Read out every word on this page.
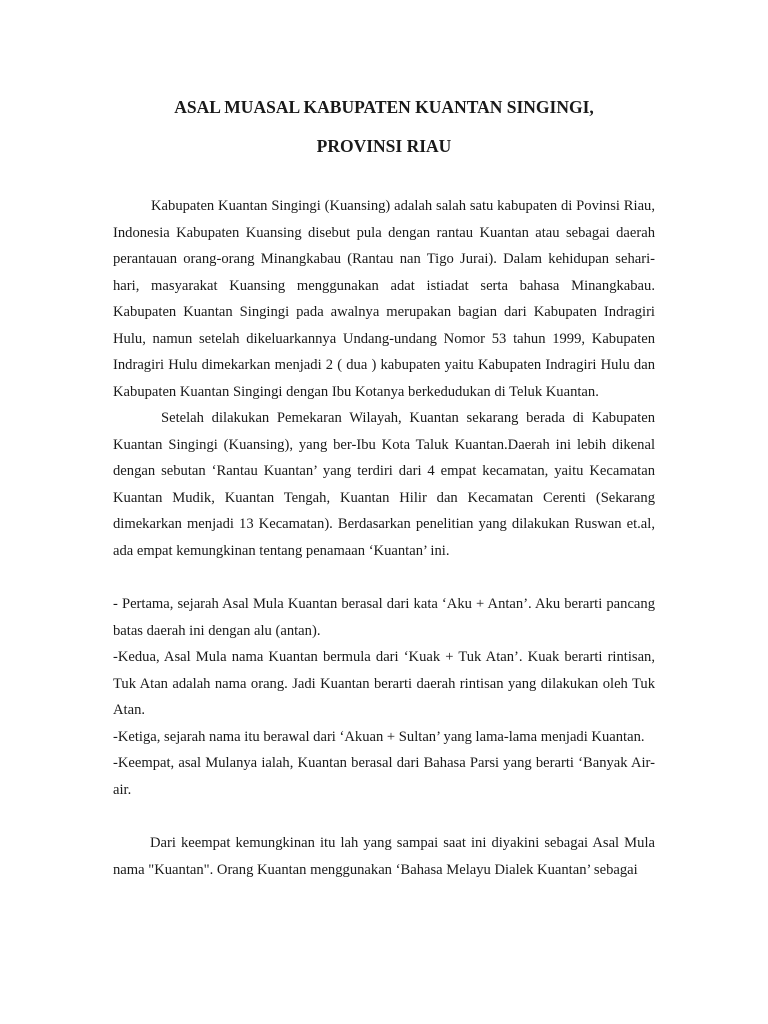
ASAL MUASAL KABUPATEN KUANTAN SINGINGI,
PROVINSI RIAU

Kabupaten Kuantan Singingi (Kuansing) adalah salah satu kabupaten di Povinsi Riau, Indonesia Kabupaten Kuansing disebut pula dengan rantau Kuantan atau sebagai daerah perantauan orang-orang Minangkabau (Rantau nan Tigo Jurai). Dalam kehidupan sehari-hari, masyarakat Kuansing menggunakan adat istiadat serta bahasa Minangkabau. Kabupaten Kuantan Singingi pada awalnya merupakan bagian dari Kabupaten Indragiri Hulu, namun setelah dikeluarkannya Undang-undang Nomor 53 tahun 1999, Kabupaten Indragiri Hulu dimekarkan menjadi 2 ( dua ) kabupaten yaitu Kabupaten Indragiri Hulu dan Kabupaten Kuantan Singingi dengan Ibu Kotanya berkedudukan di Teluk Kuantan.

Setelah dilakukan Pemekaran Wilayah, Kuantan sekarang berada di Kabupaten Kuantan Singingi (Kuansing), yang ber-Ibu Kota Taluk Kuantan.Daerah ini lebih dikenal dengan sebutan ‘Rantau Kuantan’ yang terdiri dari 4 empat kecamatan, yaitu Kecamatan Kuantan Mudik, Kuantan Tengah, Kuantan Hilir dan Kecamatan Cerenti (Sekarang dimekarkan menjadi 13 Kecamatan). Berdasarkan penelitian yang dilakukan Ruswan et.al, ada empat kemungkinan tentang penamaan ‘Kuantan’ ini.

- Pertama, sejarah Asal Mula Kuantan berasal dari kata ‘Aku + Antan’. Aku berarti pancang batas daerah ini dengan alu (antan).

-Kedua, Asal Mula nama Kuantan bermula dari ‘Kuak + Tuk Atan’. Kuak berarti rintisan, Tuk Atan adalah nama orang. Jadi Kuantan berarti daerah rintisan yang dilakukan oleh Tuk Atan.

-Ketiga, sejarah nama itu berawal dari ‘Akuan + Sultan’ yang lama-lama menjadi Kuantan.

-Keempat, asal Mulanya ialah, Kuantan berasal dari Bahasa Parsi yang berarti ‘Banyak Air-air.

Dari keempat kemungkinan itu lah yang sampai saat ini diyakini sebagai Asal Mula nama "Kuantan". Orang Kuantan menggunakan ‘Bahasa Melayu Dialek Kuantan’ sebagai
